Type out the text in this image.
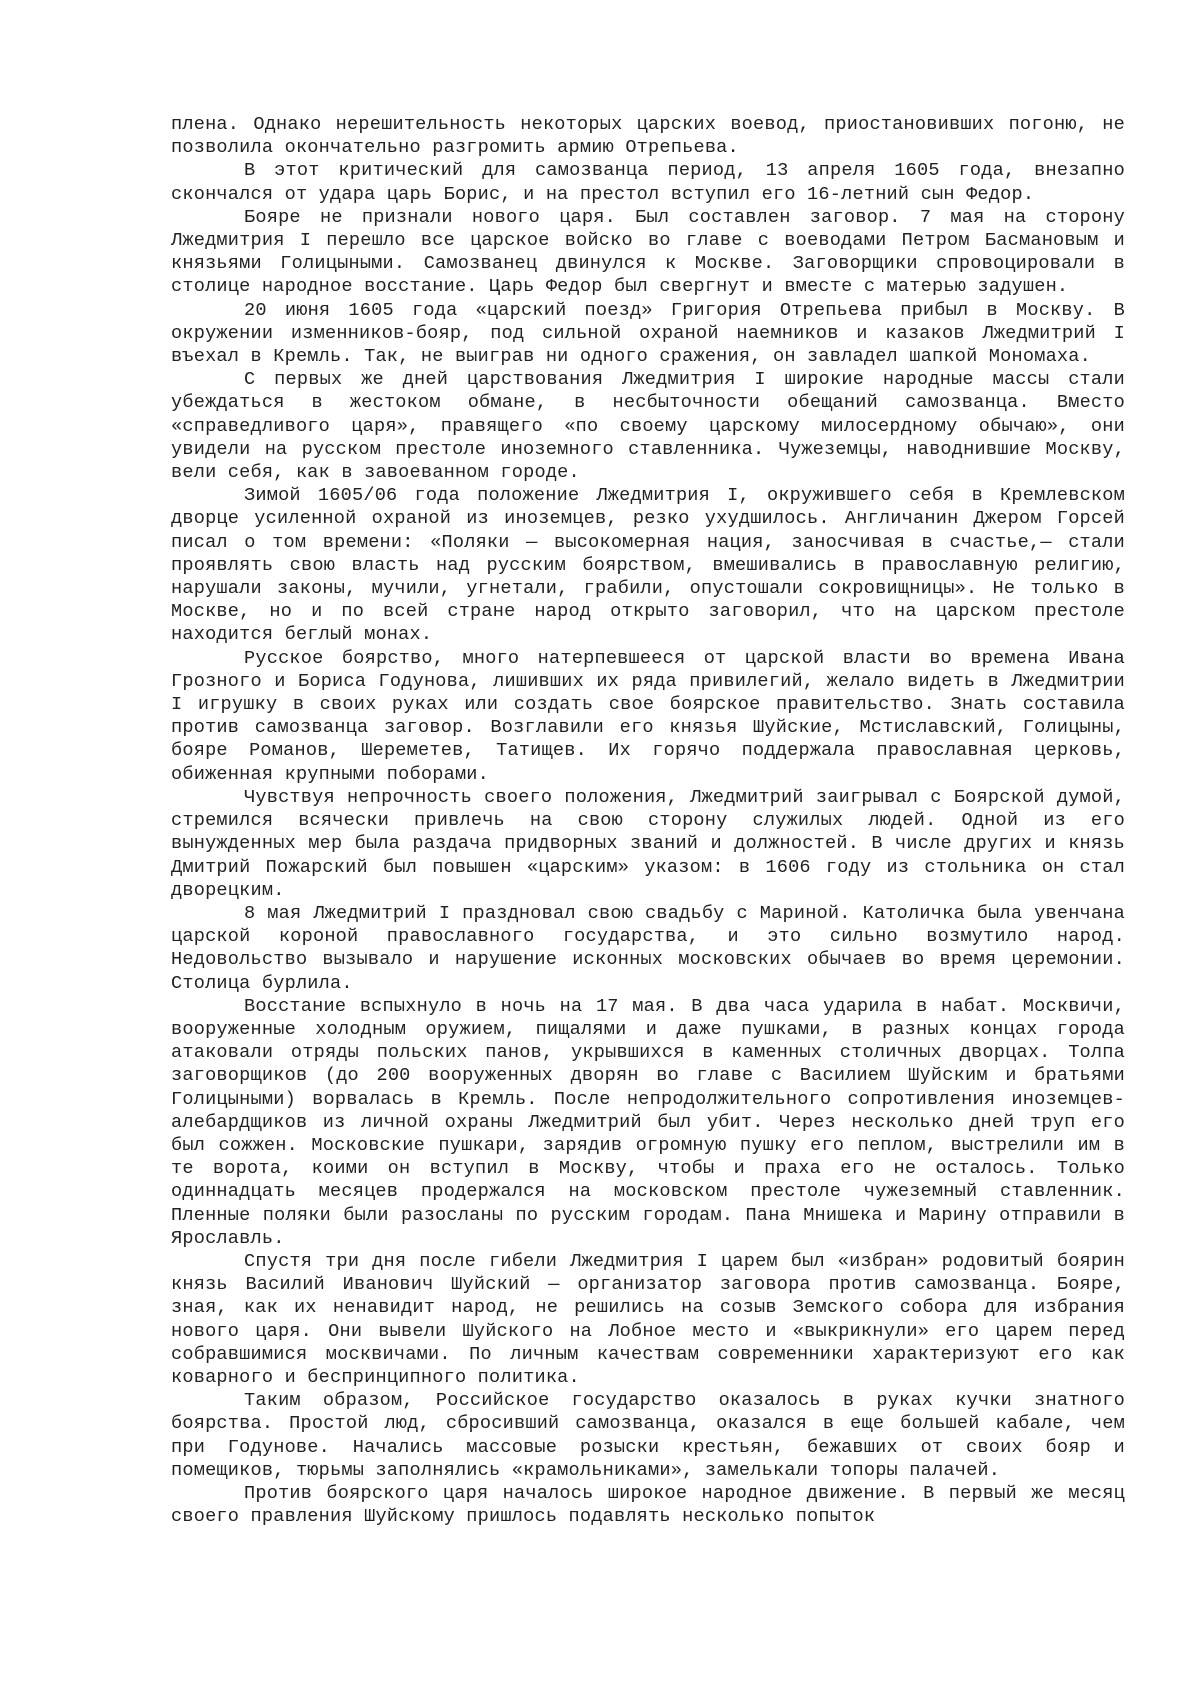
плена. Однако нерешительность некоторых царских воевод, приостановивших погоню, не позволила окончательно разгромить армию Отрепьева.

В этот критический для самозванца период, 13 апреля 1605 года, внезапно скончался от удара царь Борис, и на престол вступил его 16-летний сын Федор.

Бояре не признали нового царя. Был составлен заговор. 7 мая на сторону Лжедмитрия I перешло все царское войско во главе с воеводами Петром Басмановым и князьями Голицыными. Самозванец двинулся к Москве. Заговорщики спровоцировали в столице народное восстание. Царь Федор был свергнут и вместе с матерью задушен.

20 июня 1605 года «царский поезд» Григория Отрепьева прибыл в Москву. В окружении изменников-бояр, под сильной охраной наемников и казаков Лжедмитрий I въехал в Кремль. Так, не выиграв ни одного сражения, он завладел шапкой Мономаха.

С первых же дней царствования Лжедмитрия I широкие народные массы стали убеждаться в жестоком обмане, в несбыточности обещаний самозванца. Вместо «справедливого царя», правящего «по своему царскому милосердному обычаю», они увидели на русском престоле иноземного ставленника. Чужеземцы, наводнившие Москву, вели себя, как в завоеванном городе.

Зимой 1605/06 года положение Лжедмитрия I, окружившего себя в Кремлевском дворце усиленной охраной из иноземцев, резко ухудшилось. Англичанин Джером Горсей писал о том времени: «Поляки — высокомерная нация, заносчивая в счастье,— стали проявлять свою власть над русским боярством, вмешивались в православную религию, нарушали законы, мучили, угнетали, грабили, опустошали сокровищницы». Не только в Москве, но и по всей стране народ открыто заговорил, что на царском престоле находится беглый монах.

Русское боярство, много натерпевшееся от царской власти во времена Ивана Грозного и Бориса Годунова, лишивших их ряда привилегий, желало видеть в Лжедмитрии I игрушку в своих руках или создать свое боярское правительство. Знать составила против самозванца заговор. Возглавили его князья Шуйские, Мстиславский, Голицыны, бояре Романов, Шереметев, Татищев. Их горячо поддержала православная церковь, обиженная крупными поборами.

Чувствуя непрочность своего положения, Лжедмитрий заигрывал с Боярской думой, стремился всячески привлечь на свою сторону служилых людей. Одной из его вынужденных мер была раздача придворных званий и должностей. В числе других и князь Дмитрий Пожарский был повышен «царским» указом: в 1606 году из стольника он стал дворецким.

8 мая Лжедмитрий I праздновал свою свадьбу с Мариной. Католичка была увенчана царской короной православного государства, и это сильно возмутило народ. Недовольство вызывало и нарушение исконных московских обычаев во время церемонии. Столица бурлила.

Восстание вспыхнуло в ночь на 17 мая. В два часа ударила в набат. Москвичи, вооруженные холодным оружием, пищалями и даже пушками, в разных концах города атаковали отряды польских панов, укрывшихся в каменных столичных дворцах. Толпа заговорщиков (до 200 вооруженных дворян во главе с Василием Шуйским и братьями Голицыными) ворвалась в Кремль. После непродолжительного сопротивления иноземцев-алебардщиков из личной охраны Лжедмитрий был убит. Через несколько дней труп его был сожжен. Московские пушкари, зарядив огромную пушку его пеплом, выстрелили им в те ворота, коими он вступил в Москву, чтобы и праха его не осталось. Только одиннадцать месяцев продержался на московском престоле чужеземный ставленник. Пленные поляки были разосланы по русским городам. Пана Мнишека и Марину отправили в Ярославль.

Спустя три дня после гибели Лжедмитрия I царем был «избран» родовитый боярин князь Василий Иванович Шуйский — организатор заговора против самозванца. Бояре, зная, как их ненавидит народ, не решились на созыв Земского собора для избрания нового царя. Они вывели Шуйского на Лобное место и «выкрикнули» его царем перед собравшимися москвичами. По личным качествам современники характеризуют его как коварного и беспринципного политика.

Таким образом, Российское государство оказалось в руках кучки знатного боярства. Простой люд, сбросивший самозванца, оказался в еще большей кабале, чем при Годунове. Начались массовые розыски крестьян, бежавших от своих бояр и помещиков, тюрьмы заполнялись «крамольниками», замелькали топоры палачей.

Против боярского царя началось широкое народное движение. В первый же месяц своего правления Шуйскому пришлось подавлять несколько попыток
